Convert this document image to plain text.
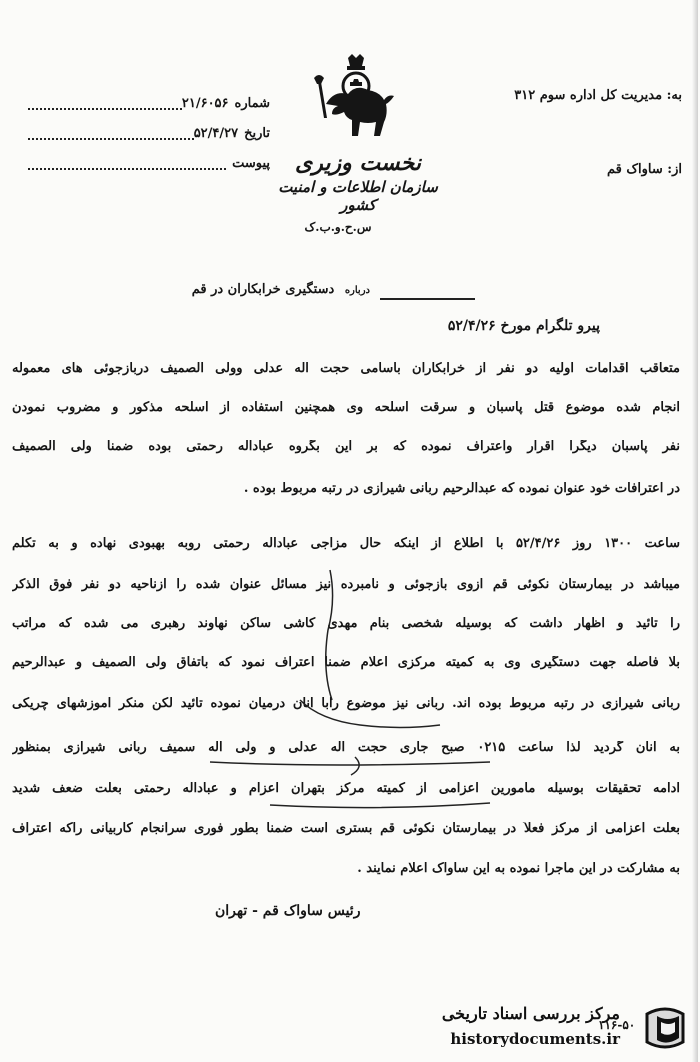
۲۱/۶۰۵۶ شماره
۵۲/۴/۲۷ تاریخ
پیوست
به: مدیریت کل اداره سوم ۳۱۲
از: ساواک قم
نخست وزیری
سازمان اطلاعات و امنیت کشور
س.ح.و.ب.ک
درباره دستگیری خرابکاران در قم
پیرو تلگرام مورخ ۵۲/۴/۲۶
متعاقب اقدامات اولیه دو نفر از خرابکاران باسامی حجت اله عدلی وولی الصمیف دربازجوئی های معموله
انجام شده موضوع قتل پاسبان و سرقت اسلحه وی همچنین استفاده از اسلحه مذکور و مضروب نمودن
نفر پاسبان دیگرا اقرار واعتراف نموده که بر این بگروه عباداله رحمتی بوده ضمناً ولی الصمیف
در اعترافات خود عنوان نموده که عبدالرحیم ربانی شیرازی در رتبه مربوط بوده .
ساعت ۱۳۰۰ روز ۵۲/۴/۲۶ با اطلاع از اینکه حال مزاجی عباداله رحمتی روبه بهبودی نهاده و به تکلم
میباشد در بیمارستان نکوئی قم ازوی بازجوئی و نامبرده نیز مسائل عنوان شده را ازناحیه دو نفر فوق الذکر
را تائید و اظهار داشت که بوسیله شخصی بنام مهدی کاشی ساکن نهاوند رهبری می شده که مراتب
بلا فاصله جهت دستگیری وی به کمیته مرکزی اعلام ضمناً اعتراف نمود که باتفاق ولی الصمیف و عبدالرحیم
ربانی شیرازی در رتبه مربوط بوده اند. ربانی نیز موضوع رابا آنان درمیان نموده تائید لکن منکر آموزشهای چریکی
به آنان گردید لذا ساعت ۰۲۱۵ صبح جاری حجت اله عدلی و ولی اله سمیف ربانی شیرازی بمنظور
ادامه تحقیقات بوسیله مأمورین اعزامی از کمیته مرکز بتهران اعزام و عباداله رحمتی بعلت ضعف شدید
بعلت اعزامی از مرکز فعلاً در بیمارستان نکوئی قم بستری است ضمناً بطور فوری سرانجام کاربیانی راکه اعتراف
به مشارکت در این ماجرا نموده به این ساواک اعلام نمایند .
رئیس ساواک قم - تهران
۱۱۶-۵۰
مرکز بررسی اسناد تاریخی
historydocuments.ir
